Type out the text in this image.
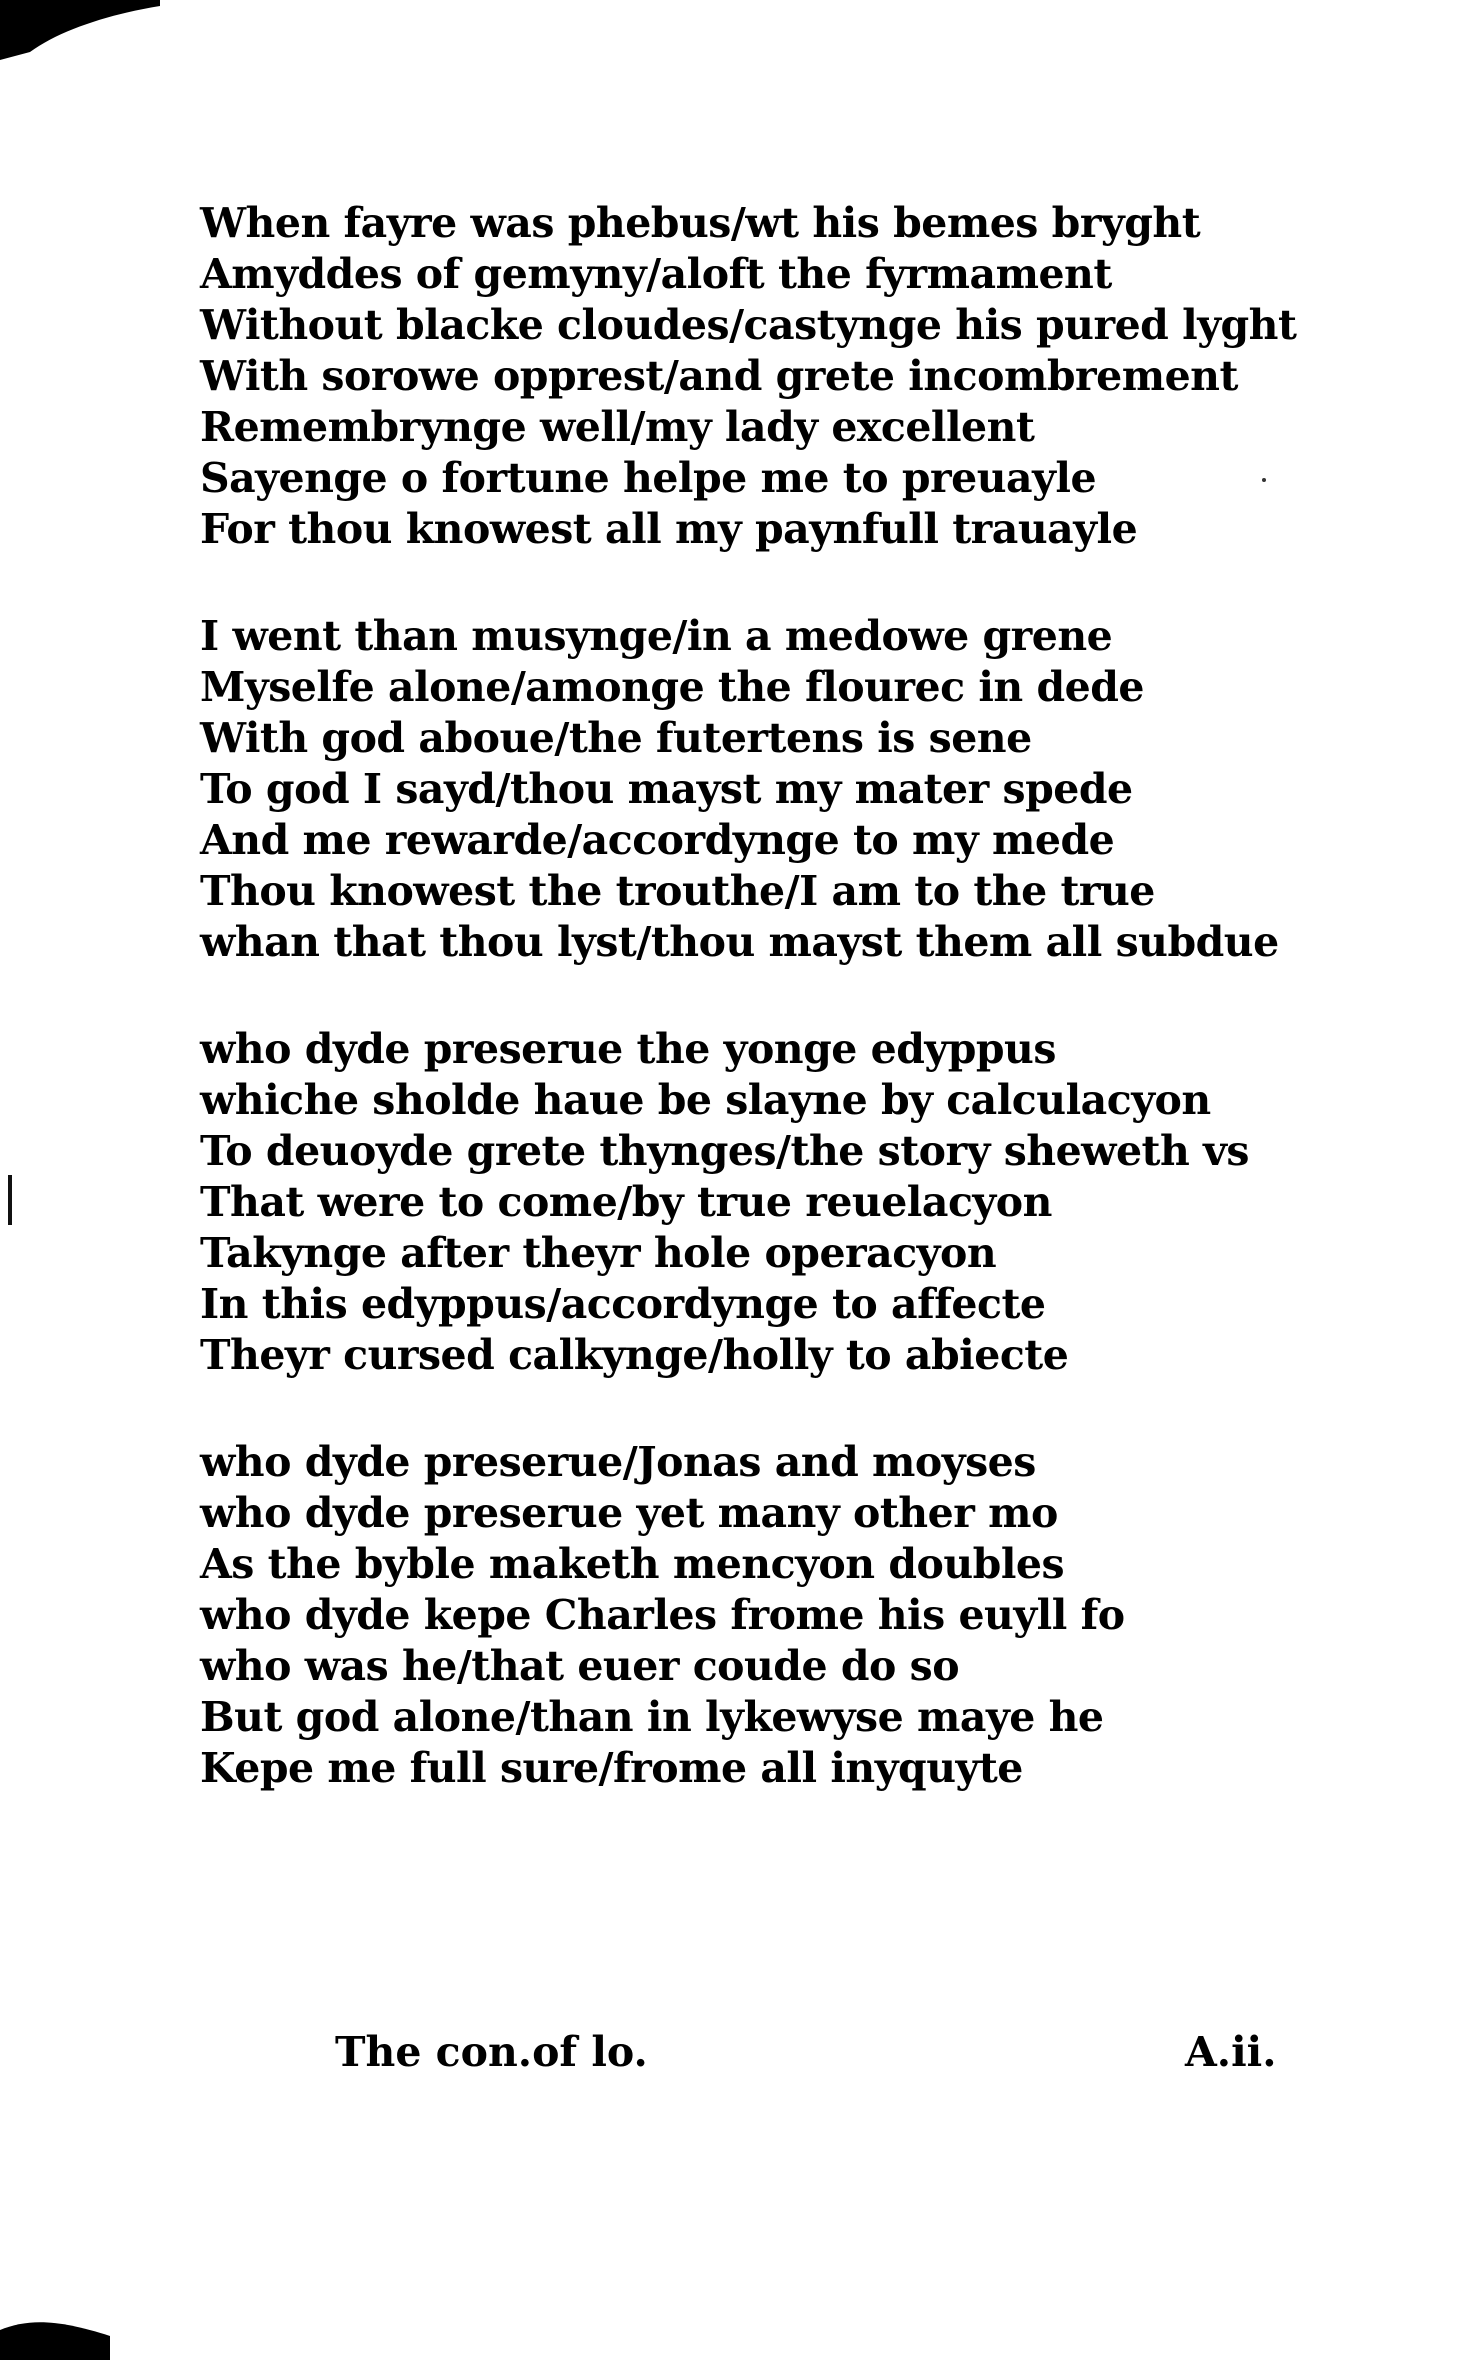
When fayre was phebus/wt his bemes bryght
Amyddes of gemyny/aloft the fyrmament
Without blacke cloudes/castynge his pured lyght
With sorowe opprest/and grete incombrement
Remembrynge well/my lady excellent
Sayenge o fortune helpe me to preuayle
For thou knowest all my paynfull trauayle
I went than musynge/in a medowe grene
Myselfe alone/amonge the flourес in dede
With god aboue/the futertens is sene
To god I sayd/thou mayst my mater spede
And me rewarde/accordynge to my mede
Thou knowest the trouthe/I am to the true
whan that thou lyst/thou mayst them all subdue
who dyde preserue the yonge edyppus
whiche sholde haue be slayne by calculacyon
To deuoyde grete thynges/the story sheweth vs
That were to come/by true reuelacyon
Takynge after theyr hole operacyon
In this edyppus/accordynge to affecte
Theyr cursed calkynge/holly to abiecte
who dyde preserue/Jonas and moyses
who dyde preserue yet many other mo
As the byble maketh mencyon doubles
who dyde kepe Charles frome his euyll fo
who was he/that euer coude do so
But god alone/than in lykewyse maye he
Kepe me full sure/frome all inyquyte
The con.of lo.	A.ii.
